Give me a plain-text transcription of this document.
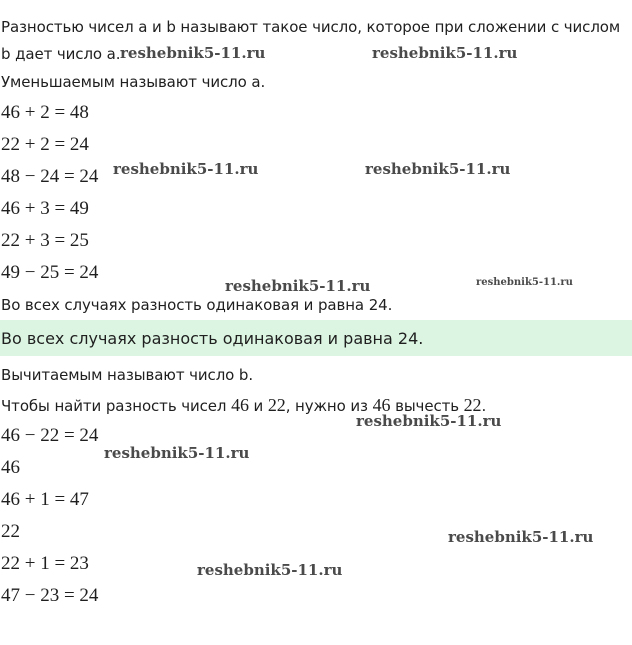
Разностью чисел a и b называют такое число, которое при сложении с числом
b дает число a.
Уменьшаемым называют число a.
46 + 2 = 48
22 + 2 = 24
48 − 24 = 24
46 + 3 = 49
22 + 3 = 25
49 − 25 = 24
Во всех случаях разность одинаковая и равна 24.
Во всех случаях разность одинаковая и равна 24.
Вычитаемым называют число b.
Чтобы найти разность чисел 46 и 22, нужно из 46 вычесть 22.
46 − 22 = 24
46
46 + 1 = 47
22
22 + 1 = 23
47 − 23 = 24
reshebnik5-11.ru	reshebnik5-11.ru
reshebnik5-11.ru	reshebnik5-11.ru
reshebnik5-11.ru	reshebnik5-11.ru
reshebnik5-11.ru
reshebnik5-11.ru
reshebnik5-11.ru
reshebnik5-11.ru
